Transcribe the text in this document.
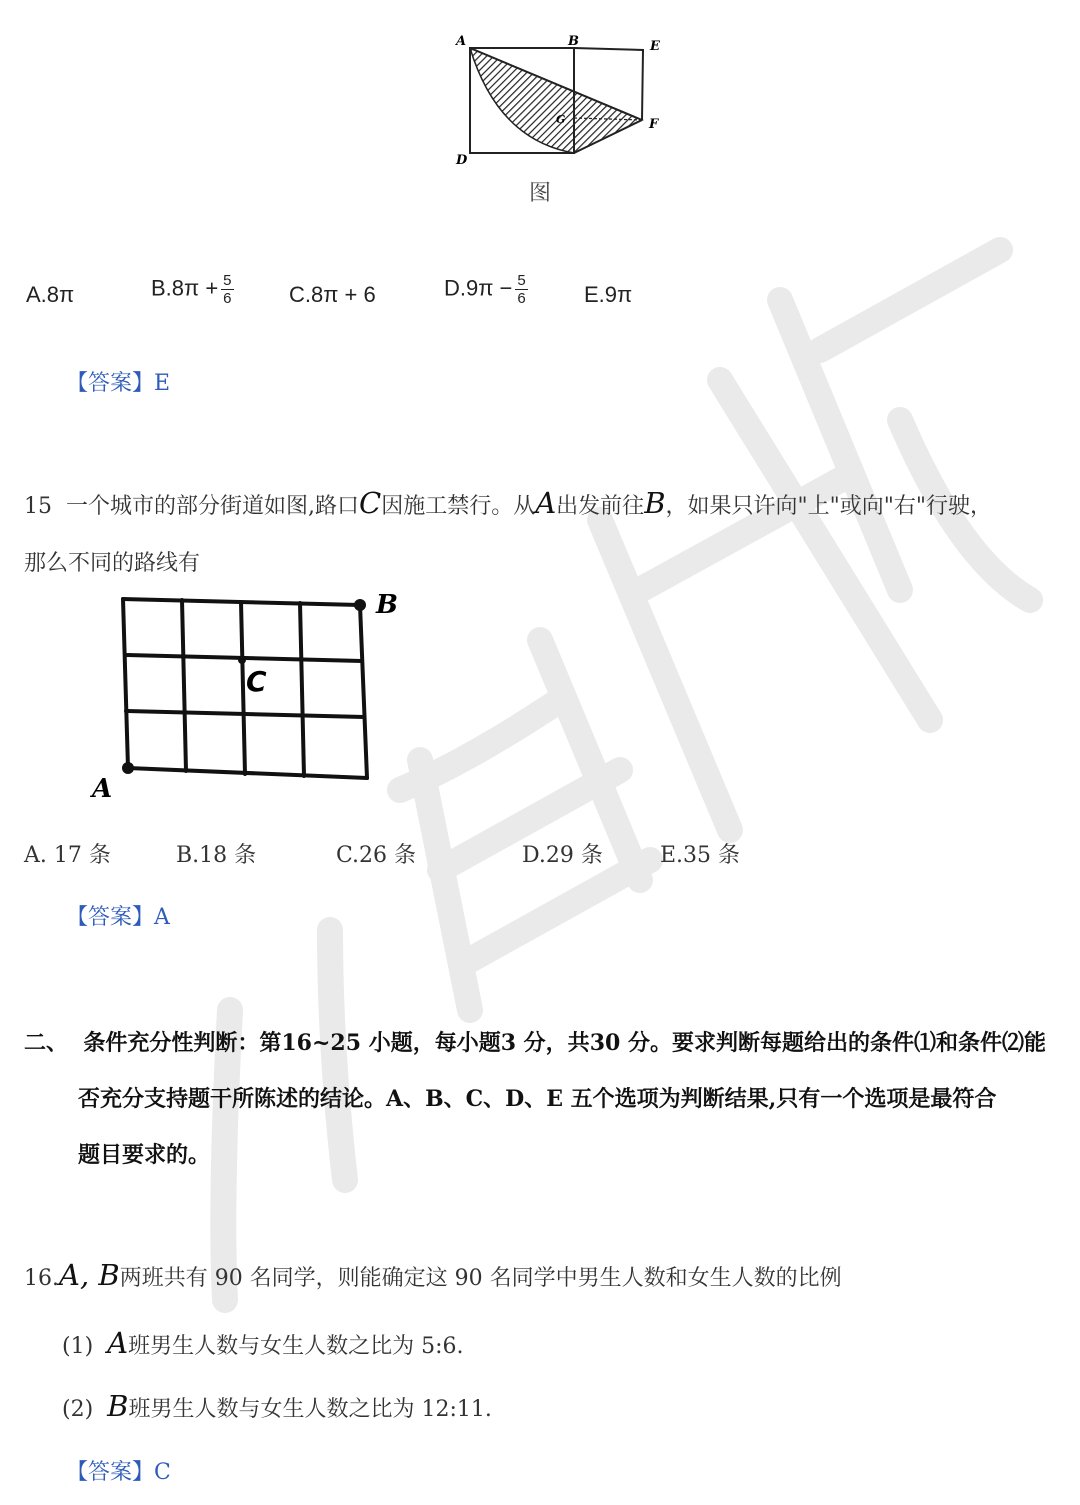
A	B	E
D
F
G
图
A.8π	$B.8\pi + \frac{5}{6}$	C.8π + 6	$D.9\pi - \frac{5}{6}$	E.9π
【答案】E
15 一个城市的部分街道如图,路口C因施工禁行。从A出发前往B，如果只许向"上"或向"右"行驶，
那么不同的路线有
B
C
A
A. 17 条	B.18 条	C.26 条	D.29 条	E.35 条
【答案】A
二、 条件充分性判断：第16~25 小题，每小题3 分，共30 分。要求判断每题给出的条件⑴和条件⑵能
否充分支持题干所陈述的结论。A、B、C、D、E 五个选项为判断结果,只有一个选项是最符合
题目要求的。
16.A, B两班共有 90 名同学，则能确定这 90 名同学中男生人数和女生人数的比例
(1) A班男生人数与女生人数之比为 5:6.
(2) B班男生人数与女生人数之比为 12:11.
【答案】C
